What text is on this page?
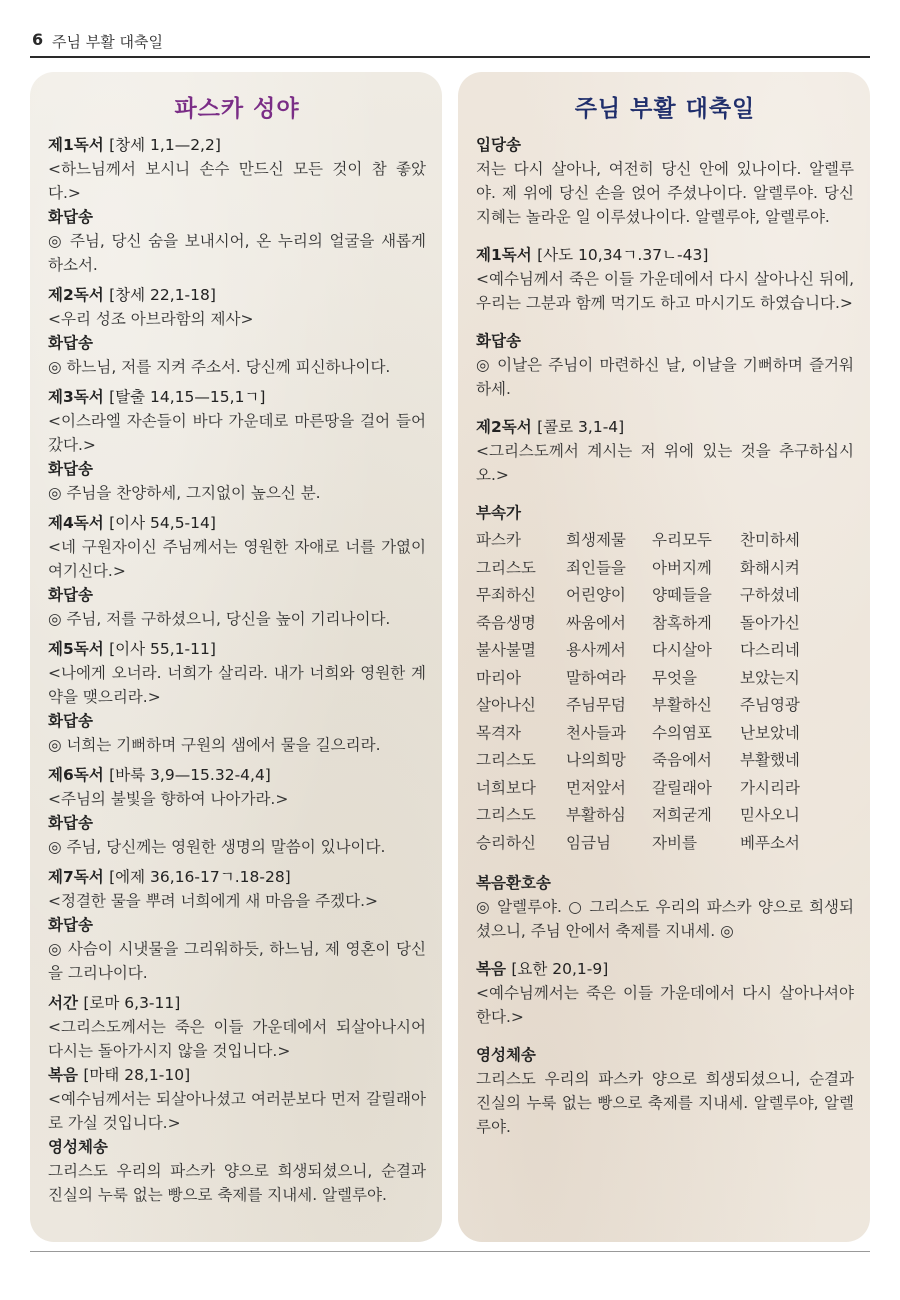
6 주님 부활 대축일
파스카 성야
제1독서 [창세 1,1—2,2]
<하느님께서 보시니 손수 만드신 모든 것이 참 좋았다.>
화답송
◎ 주님, 당신 숨을 보내시어, 온 누리의 얼굴을 새롭게 하소서.
제2독서 [창세 22,1-18]
<우리 성조 아브라함의 제사>
화답송
◎ 하느님, 저를 지켜 주소서. 당신께 피신하나이다.
제3독서 [탈출 14,15—15,1ㄱ]
<이스라엘 자손들이 바다 가운데로 마른땅을 걸어 들어갔다.>
화답송
◎ 주님을 찬양하세, 그지없이 높으신 분.
제4독서 [이사 54,5-14]
<네 구원자이신 주님께서는 영원한 자애로 너를 가엾이 여기신다.>
화답송
◎ 주님, 저를 구하셨으니, 당신을 높이 기리나이다.
제5독서 [이사 55,1-11]
<나에게 오너라. 너희가 살리라. 내가 너희와 영원한 계약을 맺으리라.>
화답송
◎ 너희는 기뻐하며 구원의 샘에서 물을 길으리라.
제6독서 [바룩 3,9—15.32-4,4]
<주님의 불빛을 향하여 나아가라.>
화답송
◎ 주님, 당신께는 영원한 생명의 말씀이 있나이다.
제7독서 [에제 36,16-17ㄱ.18-28]
<정결한 물을 뿌려 너희에게 새 마음을 주겠다.>
화답송
◎ 사슴이 시냇물을 그리워하듯, 하느님, 제 영혼이 당신을 그리나이다.
서간 [로마 6,3-11]
<그리스도께서는 죽은 이들 가운데에서 되살아나시어 다시는 돌아가시지 않을 것입니다.>
복음 [마태 28,1-10]
<예수님께서는 되살아나셨고 여러분보다 먼저 갈릴래아로 가실 것입니다.>
영성체송
그리스도 우리의 파스카 양으로 희생되셨으니, 순결과 진실의 누룩 없는 빵으로 축제를 지내세. 알렐루야.
주님 부활 대축일
입당송
저는 다시 살아나, 여전히 당신 안에 있나이다. 알렐루야. 제 위에 당신 손을 얹어 주셨나이다. 알렐루야. 당신 지혜는 놀라운 일 이루셨나이다. 알렐루야, 알렐루야.
제1독서 [사도 10,34ㄱ.37ㄴ-43]
<예수님께서 죽은 이들 가운데에서 다시 살아나신 뒤에, 우리는 그분과 함께 먹기도 하고 마시기도 하였습니다.>
화답송
◎ 이날은 주님이 마련하신 날, 이날을 기뻐하며 즐거워하세.
제2독서 [콜로 3,1-4]
<그리스도께서 계시는 저 위에 있는 것을 추구하십시오.>
부속가
파스카	희생제물	우리모두	찬미하세
그리스도	죄인들을	아버지께	화해시켜
무죄하신	어린양이	양떼들을	구하셨네
죽음생명	싸움에서	참혹하게	돌아가신
불사불멸	용사께서	다시살아	다스리네
마리아	말하여라	무엇을	보았는지
살아나신	주님무덤	부활하신	주님영광
목격자	천사들과	수의염포	난보았네
그리스도	나의희망	죽음에서	부활했네
너희보다	먼저앞서	갈릴래아	가시리라
그리스도	부활하심	저희굳게	믿사오니
승리하신	임금님	자비를	베푸소서
복음환호송
◎ 알렐루야. ○ 그리스도 우리의 파스카 양으로 희생되셨으니, 주님 안에서 축제를 지내세. ◎
복음 [요한 20,1-9]
<예수님께서는 죽은 이들 가운데에서 다시 살아나셔야 한다.>
영성체송
그리스도 우리의 파스카 양으로 희생되셨으니, 순결과 진실의 누룩 없는 빵으로 축제를 지내세. 알렐루야, 알렐루야.
